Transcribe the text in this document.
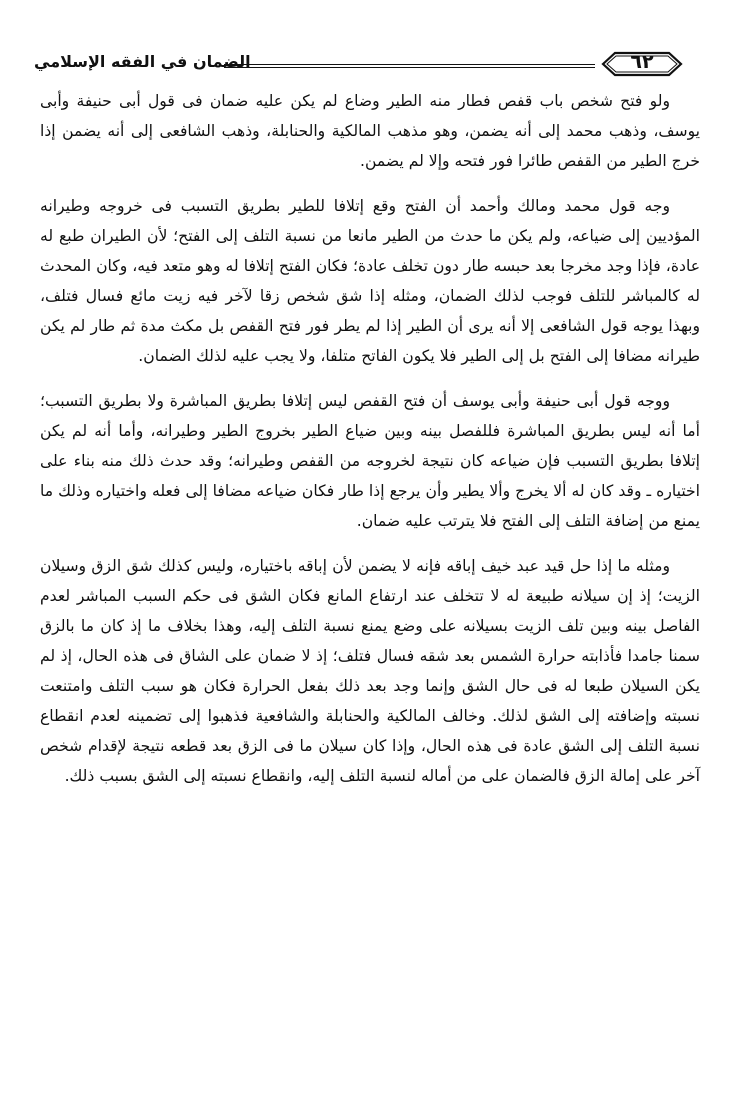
الضمان في الفقه الإسلامي	٦٢

ولو فتح شخص باب قفص فطار منه الطير وضاع لم يكن عليه ضمان فى قول أبى حنيفة وأبى يوسف، وذهب محمد إلى أنه يضمن، وهو مذهب المالكية والحنابلة، وذهب الشافعى إلى أنه يضمن إذا خرج الطير من القفص طائرا فور فتحه وإلا لم يضمن.

وجه قول محمد ومالك وأحمد أن الفتح وقع إتلافا للطير بطريق التسبب فى خروجه وطيرانه المؤديين إلى ضياعه، ولم يكن ما حدث من الطير مانعا من نسبة التلف إلى الفتح؛ لأن الطيران طبع له عادة، فإذا وجد مخرجا بعد حبسه طار دون تخلف عادة؛ فكان الفتح إتلافا له وهو متعد فيه، وكان المحدث له كالمباشر للتلف فوجب لذلك الضمان، ومثله إذا شق شخص زقا لآخر فيه زيت مائع فسال فتلف، وبهذا يوجه قول الشافعى إلا أنه يرى أن الطير إذا لم يطر فور فتح القفص بل مكث مدة ثم طار لم يكن طيرانه مضافا إلى الفتح بل إلى الطير فلا يكون الفاتح متلفا، ولا يجب عليه لذلك الضمان.

ووجه قول أبى حنيفة وأبى يوسف أن فتح القفص ليس إتلافا بطريق المباشرة ولا بطريق التسبب؛ أما أنه ليس بطريق المباشرة فللفصل بينه وبين ضياع الطير بخروج الطير وطيرانه، وأما أنه لم يكن إتلافا بطريق التسبب فإن ضياعه كان نتيجة لخروجه من القفص وطيرانه؛ وقد حدث ذلك منه بناء على اختياره ـ وقد كان له ألا يخرج وألا يطير وأن يرجع إذا طار فكان ضياعه مضافا إلى فعله واختياره وذلك ما يمنع من إضافة التلف إلى الفتح فلا يترتب عليه ضمان.

ومثله ما إذا حل قيد عبد خيف إباقه فإنه لا يضمن لأن إباقه باختياره، وليس كذلك شق الزق وسيلان الزيت؛ إذ إن سيلانه طبيعة له لا تتخلف عند ارتفاع المانع فكان الشق فى حكم السبب المباشر لعدم الفاصل بينه وبين تلف الزيت بسيلانه على وضع يمنع نسبة التلف إليه، وهذا بخلاف ما إذ كان ما بالزق سمنا جامدا فأذابته حرارة الشمس بعد شقه فسال فتلف؛ إذ لا ضمان على الشاق فى هذه الحال، إذ لم يكن السيلان طبعا له فى حال الشق وإنما وجد بعد ذلك بفعل الحرارة فكان هو سبب التلف وامتنعت نسبته وإضافته إلى الشق لذلك. وخالف المالكية والحنابلة والشافعية فذهبوا إلى تضمينه لعدم انقطاع نسبة التلف إلى الشق عادة فى هذه الحال، وإذا كان سيلان ما فى الزق بعد قطعه نتيجة لإقدام شخص آخر على إمالة الزق فالضمان على من أماله لنسبة التلف إليه، وانقطاع نسبته إلى الشق بسبب ذلك.
